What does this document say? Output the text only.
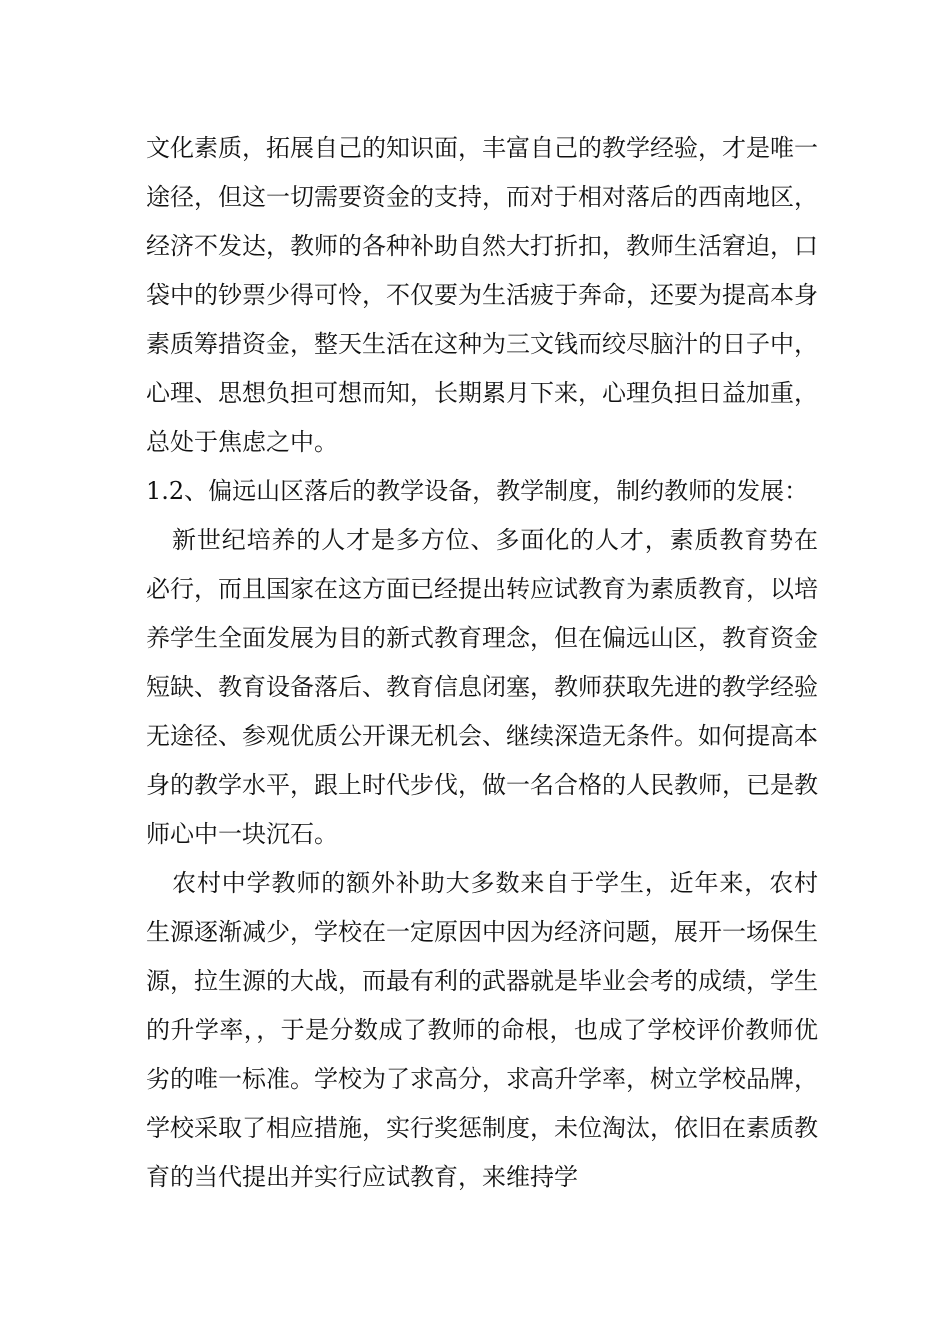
文化素质，拓展自己的知识面，丰富自己的教学经验，才是唯一途径，但这一切需要资金的支持，而对于相对落后的西南地区，经济不发达，教师的各种补助自然大打折扣，教师生活窘迫，口袋中的钞票少得可怜，不仅要为生活疲于奔命，还要为提高本身素质筹措资金，整天生活在这种为三文钱而绞尽脑汁的日子中，心理、思想负担可想而知，长期累月下来，心理负担日益加重，总处于焦虑之中。

1.2、偏远山区落后的教学设备，教学制度，制约教师的发展：

新世纪培养的人才是多方位、多面化的人才，素质教育势在必行，而且国家在这方面已经提出转应试教育为素质教育，以培养学生全面发展为目的新式教育理念，但在偏远山区，教育资金短缺、教育设备落后、教育信息闭塞，教师获取先进的教学经验无途径、参观优质公开课无机会、继续深造无条件。如何提高本身的教学水平，跟上时代步伐，做一名合格的人民教师，已是教师心中一块沉石。

农村中学教师的额外补助大多数来自于学生，近年来，农村生源逐渐减少，学校在一定原因中因为经济问题，展开一场保生源，拉生源的大战，而最有利的武器就是毕业会考的成绩，学生的升学率，，于是分数成了教师的命根，也成了学校评价教师优劣的唯一标准。学校为了求高分，求高升学率，树立学校品牌，学校采取了相应措施，实行奖惩制度，未位淘汰，依旧在素质教育的当代提出并实行应试教育，来维持学
